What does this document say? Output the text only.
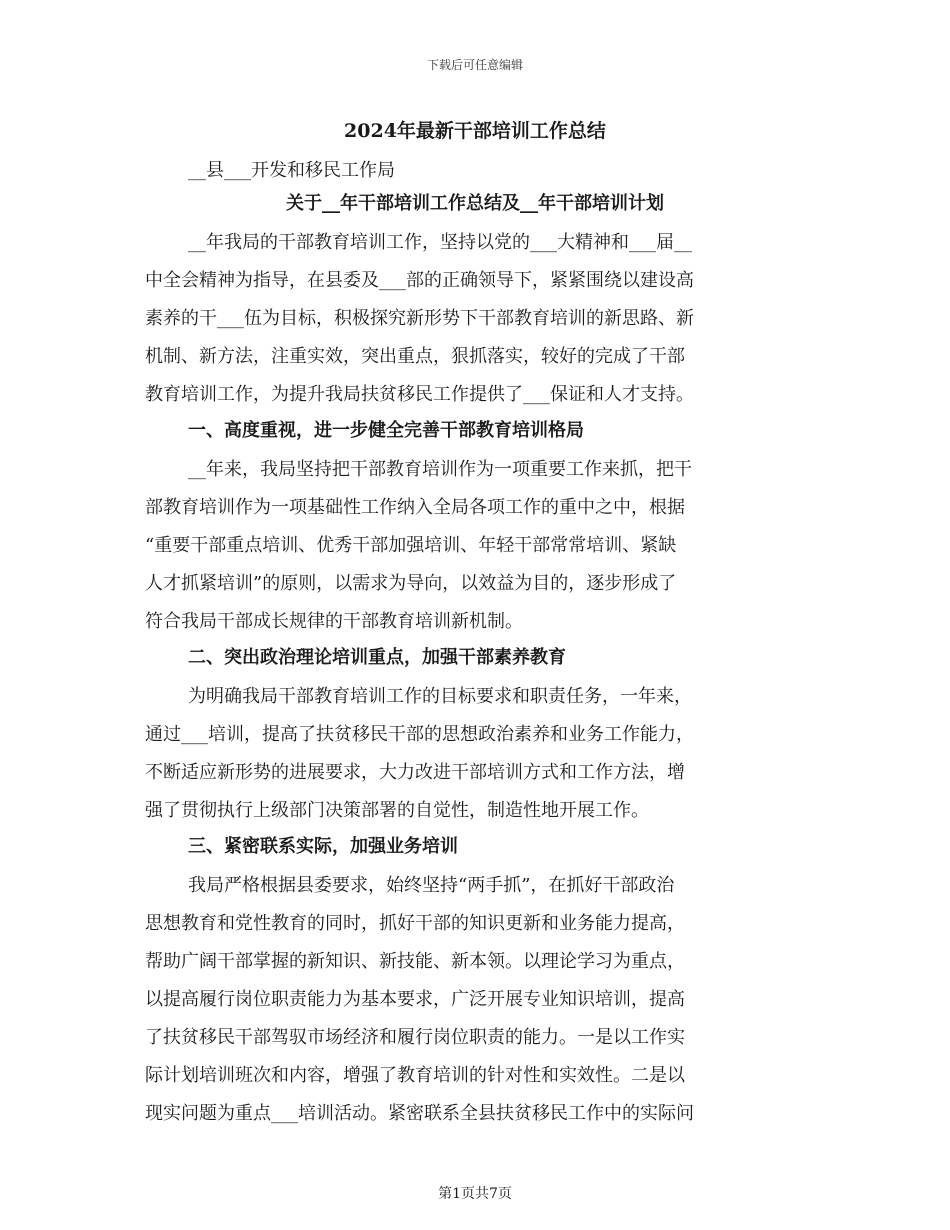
下载后可任意编辑
2024年最新干部培训工作总结
__县___开发和移民工作局
关于__年干部培训工作总结及__年干部培训计划
__年我局的干部教育培训工作，坚持以党的___大精神和___届__
中全会精神为指导，在县委及___部的正确领导下，紧紧围绕以建设高
素养的干___伍为目标，积极探究新形势下干部教育培训的新思路、新
机制、新方法，注重实效，突出重点，狠抓落实，较好的完成了干部
教育培训工作，为提升我局扶贫移民工作提供了___保证和人才支持。
一、高度重视，进一步健全完善干部教育培训格局
__年来，我局坚持把干部教育培训作为一项重要工作来抓，把干
部教育培训作为一项基础性工作纳入全局各项工作的重中之中，根据
“重要干部重点培训、优秀干部加强培训、年轻干部常常培训、紧缺
人才抓紧培训”的原则，以需求为导向，以效益为目的，逐步形成了
符合我局干部成长规律的干部教育培训新机制。
二、突出政治理论培训重点，加强干部素养教育
为明确我局干部教育培训工作的目标要求和职责任务，一年来，
通过___培训，提高了扶贫移民干部的思想政治素养和业务工作能力，
不断适应新形势的进展要求，大力改进干部培训方式和工作方法，增
强了贯彻执行上级部门决策部署的自觉性，制造性地开展工作。
三、紧密联系实际，加强业务培训
我局严格根据县委要求，始终坚持“两手抓”，在抓好干部政治
思想教育和党性教育的同时，抓好干部的知识更新和业务能力提高，
帮助广阔干部掌握的新知识、新技能、新本领。以理论学习为重点，
以提高履行岗位职责能力为基本要求，广泛开展专业知识培训，提高
了扶贫移民干部驾驭市场经济和履行岗位职责的能力。一是以工作实
际计划培训班次和内容，增强了教育培训的针对性和实效性。二是以
现实问题为重点___培训活动。紧密联系全县扶贫移民工作中的实际问
第1页共7页
